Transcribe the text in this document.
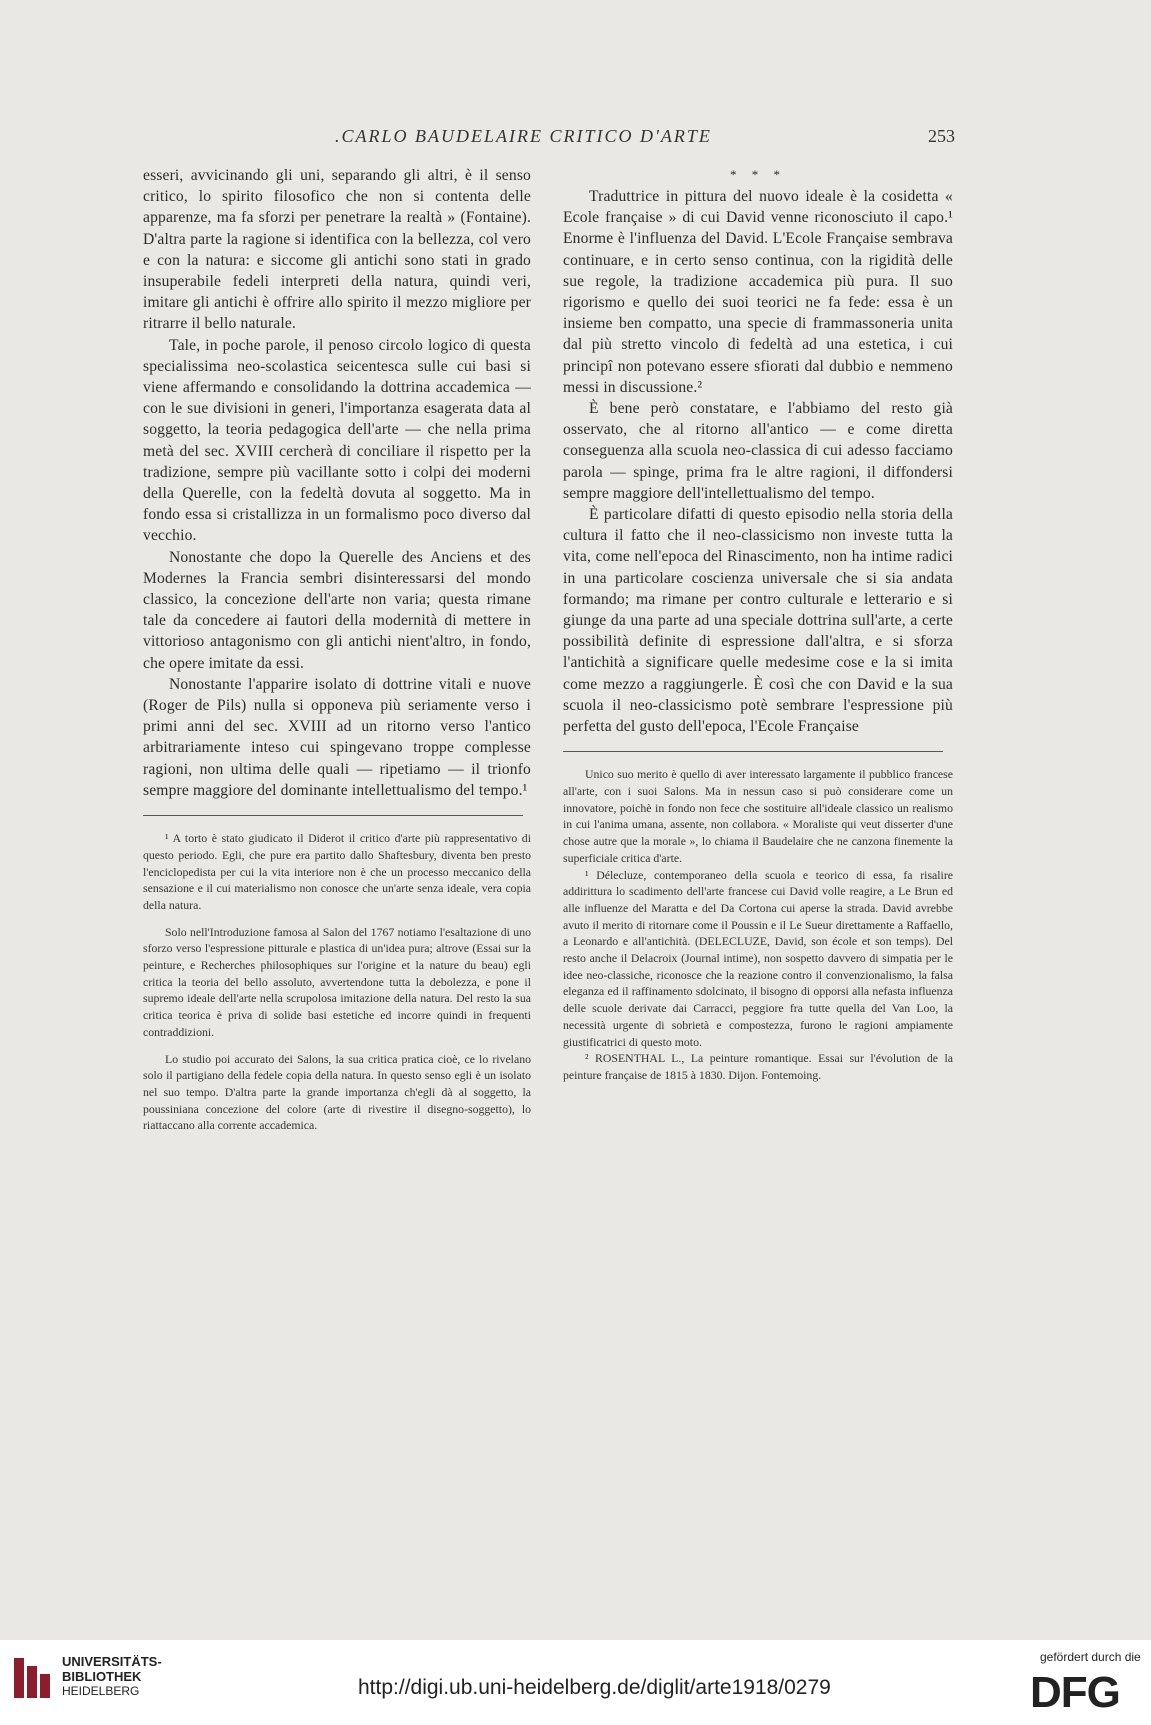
.CARLO BAUDELAIRE CRITICO D'ARTE	253

esseri, avvicinando gli uni, separando gli altri, è il senso critico, lo spirito filosofico che non si contenta delle apparenze, ma fa sforzi per penetrare la realtà » (Fontaine). D'altra parte la ragione si identifica con la bellezza, col vero e con la natura: e siccome gli antichi sono stati in grado insuperabile fedeli interpreti della natura, quindi veri, imitare gli antichi è offrire allo spirito il mezzo migliore per ritrarre il bello naturale.

Tale, in poche parole, il penoso circolo logico di questa specialissima neo-scolastica seicentesca sulle cui basi si viene affermando e consolidando la dottrina accademica — con le sue divisioni in generi, l'importanza esagerata data al soggetto, la teoria pedagogica dell'arte — che nella prima metà del sec. XVIII cercherà di conciliare il rispetto per la tradizione, sempre più vacillante sotto i colpi dei moderni della Querelle, con la fedeltà dovuta al soggetto. Ma in fondo essa si cristallizza in un formalismo poco diverso dal vecchio.

Nonostante che dopo la Querelle des Anciens et des Modernes la Francia sembri disinteressarsi del mondo classico, la concezione dell'arte non varia; questa rimane tale da concedere ai fautori della modernità di mettere in vittorioso antagonismo con gli antichi nient'altro, in fondo, che opere imitate da essi.

Nonostante l'apparire isolato di dottrine vitali e nuove (Roger de Pils) nulla si opponeva più seriamente verso i primi anni del sec. XVIII ad un ritorno verso l'antico arbitrariamente inteso cui spingevano troppe complesse ragioni, non ultima delle quali — ripetiamo — il trionfo sempre maggiore del dominante intellettualismo del tempo.¹

¹ A torto è stato giudicato il Diderot il critico d'arte più rappresentativo di questo periodo. Egli, che pure era partito dallo Shaftesbury, diventa ben presto l'enciclopedista per cui la vita interiore non è che un processo meccanico della sensazione e il cui materialismo non conosce che un'arte senza ideale, vera copia della natura.

Solo nell'Introduzione famosa al Salon del 1767 notiamo l'esaltazione di uno sforzo verso l'espressione pitturale e plastica di un'idea pura; altrove (Essai sur la peinture, e Recherches philosophiques sur l'origine et la nature du beau) egli critica la teoria del bello assoluto, avvertendone tutta la debolezza, e pone il supremo ideale dell'arte nella scrupolosa imitazione della natura. Del resto la sua critica teorica è priva di solide basi estetiche ed incorre quindi in frequenti contraddizioni.

Lo studio poi accurato dei Salons, la sua critica pratica cioè, ce lo rivelano solo il partigiano della fedele copia della natura. In questo senso egli è un isolato nel suo tempo. D'altra parte la grande importanza ch'egli dà al soggetto, la poussiniana concezione del colore (arte di rivestire il disegno-soggetto), lo riattaccano alla corrente accademica.

* * *

Traduttrice in pittura del nuovo ideale è la cosidetta « Ecole française » di cui David venne riconosciuto il capo.¹ Enorme è l'influenza del David. L'Ecole Française sembrava continuare, e in certo senso continua, con la rigidità delle sue regole, la tradizione accademica più pura. Il suo rigorismo e quello dei suoi teorici ne fa fede: essa è un insieme ben compatto, una specie di frammassoneria unita dal più stretto vincolo di fedeltà ad una estetica, i cui principî non potevano essere sfiorati dal dubbio e nemmeno messi in discussione.²

È bene però constatare, e l'abbiamo del resto già osservato, che al ritorno all'antico — e come diretta conseguenza alla scuola neo-classica di cui adesso facciamo parola — spinge, prima fra le altre ragioni, il diffondersi sempre maggiore dell'intellettualismo del tempo.

È particolare difatti di questo episodio nella storia della cultura il fatto che il neo-classicismo non investe tutta la vita, come nell'epoca del Rinascimento, non ha intime radici in una particolare coscienza universale che si sia andata formando; ma rimane per contro culturale e letterario e si giunge da una parte ad una speciale dottrina sull'arte, a certe possibilità definite di espressione dall'altra, e si sforza l'antichità a significare quelle medesime cose e la si imita come mezzo a raggiungerle. È così che con David e la sua scuola il neo-classicismo potè sembrare l'espressione più perfetta del gusto dell'epoca, l'Ecole Française

Unico suo merito è quello di aver interessato largamente il pubblico francese all'arte, con i suoi Salons. Ma in nessun caso si può considerare come un innovatore, poichè in fondo non fece che sostituire all'ideale classico un realismo in cui l'anima umana, assente, non collabora. « Moraliste qui veut disserter d'une chose autre que la morale », lo chiama il Baudelaire che ne canzona finemente la superficiale critica d'arte.

¹ Délecluze, contemporaneo della scuola e teorico di essa, fa risalire addirittura lo scadimento dell'arte francese cui David volle reagire, a Le Brun ed alle influenze del Maratta e del Da Cortona cui aperse la strada. David avrebbe avuto il merito di ritornare come il Poussin e il Le Sueur direttamente a Raffaello, a Leonardo e all'antichità. (DELECLUZE, David, son école et son temps). Del resto anche il Delacroix (Journal intime), non sospetto davvero di simpatia per le idee neo-classiche, riconosce che la reazione contro il convenzionalismo, la falsa eleganza ed il raffinamento sdolcinato, il bisogno di opporsi alla nefasta influenza delle scuole derivate dai Carracci, peggiore fra tutte quella del Van Loo, la necessità urgente di sobrietà e compostezza, furono le ragioni ampiamente giustificatrici di questo moto.

² ROSENTHAL L., La peinture romantique. Essai sur l'évolution de la peinture française de 1815 à 1830. Dijon. Fontemoing.

UNIVERSITÄTS-
BIBLIOTHEK
HEIDELBERG	http://digi.ub.uni-heidelberg.de/diglit/arte1918/0279
gefördert durch die
DFG
